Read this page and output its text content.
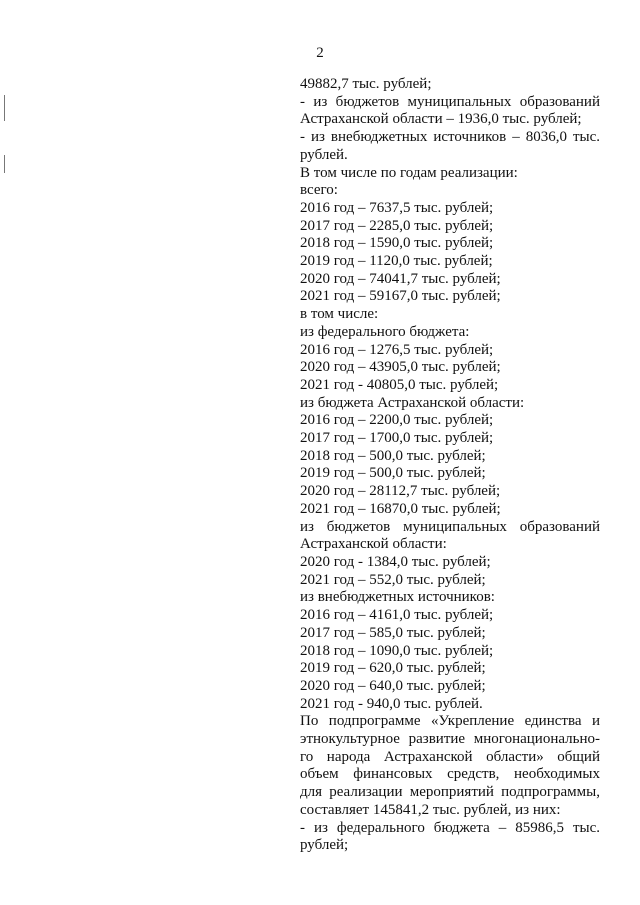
2
49882,7 тыс. рублей;
- из бюджетов муниципальных образований
Астраханской области – 1936,0 тыс. рублей;
- из внебюджетных источников – 8036,0 тыс.
рублей.
В том числе по годам реализации:
всего:
2016 год – 7637,5 тыс. рублей;
2017 год – 2285,0 тыс. рублей;
2018 год – 1590,0 тыс. рублей;
2019 год – 1120,0 тыс. рублей;
2020 год – 74041,7 тыс. рублей;
2021 год – 59167,0 тыс. рублей;
в том числе:
из федерального бюджета:
2016 год – 1276,5 тыс. рублей;
2020 год – 43905,0 тыс. рублей;
2021 год - 40805,0 тыс. рублей;
из бюджета Астраханской области:
2016 год – 2200,0 тыс. рублей;
2017 год – 1700,0 тыс. рублей;
2018 год – 500,0 тыс. рублей;
2019 год – 500,0 тыс. рублей;
2020 год – 28112,7 тыс. рублей;
2021 год – 16870,0 тыс. рублей;
из бюджетов муниципальных образований
Астраханской области:
2020 год - 1384,0 тыс. рублей;
2021 год – 552,0 тыс. рублей;
из внебюджетных источников:
2016 год – 4161,0 тыс. рублей;
2017 год – 585,0 тыс. рублей;
2018 год – 1090,0 тыс. рублей;
2019 год – 620,0 тыс. рублей;
2020 год – 640,0 тыс. рублей;
2021 год - 940,0 тыс. рублей.
По подпрограмме «Укрепление единства и
этнокультурное развитие многонационально-
го народа Астраханской области» общий
объем финансовых средств, необходимых
для реализации мероприятий подпрограммы,
составляет 145841,2 тыс. рублей, из них:
- из федерального бюджета – 85986,5 тыс.
рублей;
